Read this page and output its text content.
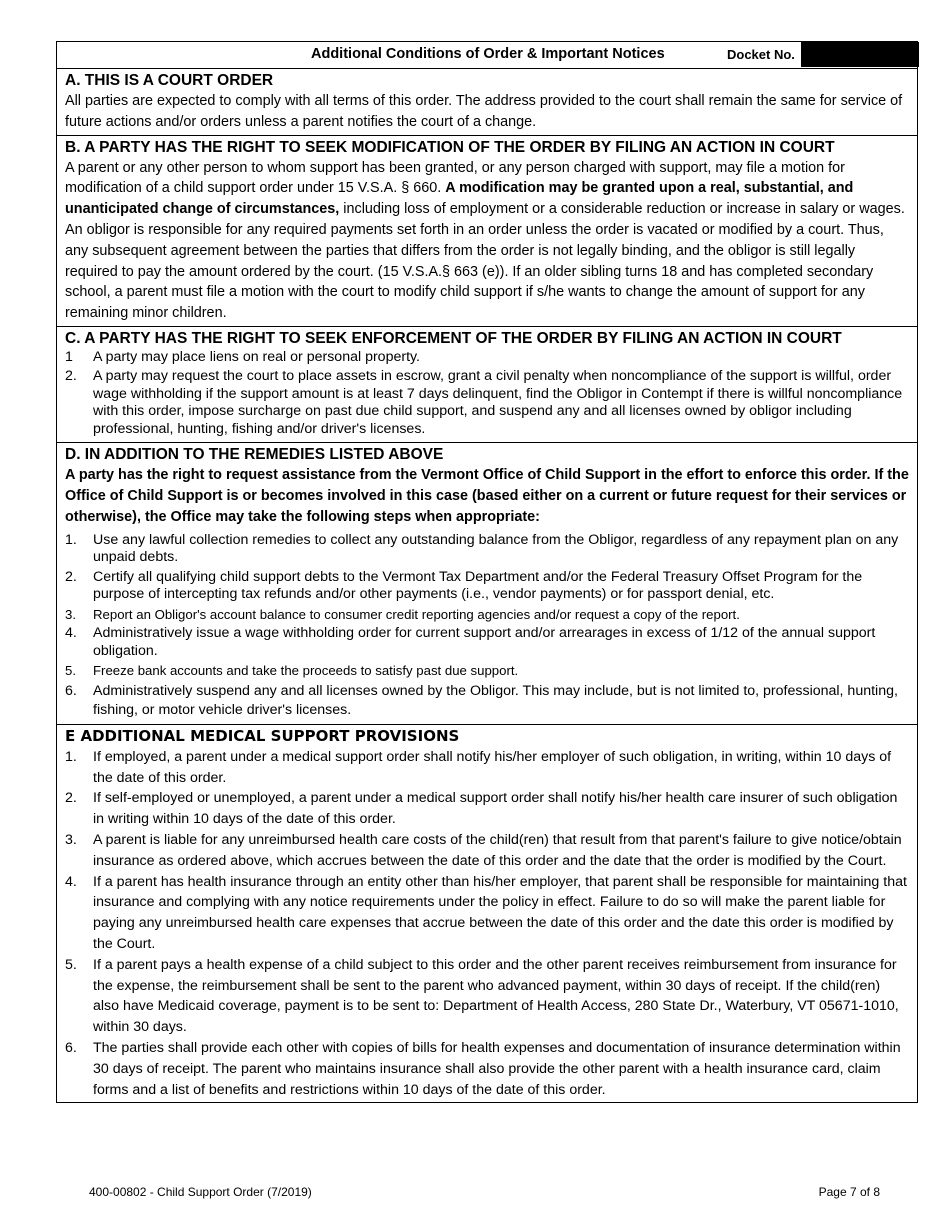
Additional Conditions of Order & Important Notices	Docket No.
A. THIS IS A COURT ORDER

All parties are expected to comply with all terms of this order. The address provided to the court shall remain the same for service of future actions and/or orders unless a parent notifies the court of a change.

B. A PARTY HAS THE RIGHT TO SEEK MODIFICATION OF THE ORDER BY FILING AN ACTION IN COURT

A parent or any other person to whom support has been granted, or any person charged with support, may file a motion for modification of a child support order under 15 V.S.A. § 660. A modification may be granted upon a real, substantial, and unanticipated change of circumstances, including loss of employment or a considerable reduction or increase in salary or wages. An obligor is responsible for any required payments set forth in an order unless the order is vacated or modified by a court. Thus, any subsequent agreement between the parties that differs from the order is not legally binding, and the obligor is still legally required to pay the amount ordered by the court. (15 V.S.A.§ 663 (e)). If an older sibling turns 18 and has completed secondary school, a parent must file a motion with the court to modify child support if s/he wants to change the amount of support for any remaining minor children.

C. A PARTY HAS THE RIGHT TO SEEK ENFORCEMENT OF THE ORDER BY FILING AN ACTION IN COURT
1 A party may place liens on real or personal property.
2. A party may request the court to place assets in escrow, grant a civil penalty when noncompliance of the support is willful, order wage withholding if the support amount is at least 7 days delinquent, find the Obligor in Contempt if there is willful noncompliance with this order, impose surcharge on past due child support, and suspend any and all licenses owned by obligor including professional, hunting, fishing and/or driver's licenses.
D. IN ADDITION TO THE REMEDIES LISTED ABOVE

A party has the right to request assistance from the Vermont Office of Child Support in the effort to enforce this order. If the Office of Child Support is or becomes involved in this case (based either on a current or future request for their services or otherwise), the Office may take the following steps when appropriate:

1. Use any lawful collection remedies to collect any outstanding balance from the Obligor, regardless of any repayment plan on any unpaid debts.
2. Certify all qualifying child support debts to the Vermont Tax Department and/or the Federal Treasury Offset Program for the purpose of intercepting tax refunds and/or other payments (i.e., vendor payments) or for passport denial, etc.
3. Report an Obligor's account balance to consumer credit reporting agencies and/or request a copy of the report.
4. Administratively issue a wage withholding order for current support and/or arrearages in excess of 1/12 of the annual support obligation.
5. Freeze bank accounts and take the proceeds to satisfy past due support.
6. Administratively suspend any and all licenses owned by the Obligor. This may include, but is not limited to, professional, hunting, fishing, or motor vehicle driver's licenses.
E ADDITIONAL MEDICAL SUPPORT PROVISIONS
1. If employed, a parent under a medical support order shall notify his/her employer of such obligation, in writing, within 10 days of the date of this order.
2. If self-employed or unemployed, a parent under a medical support order shall notify his/her health care insurer of such obligation in writing within 10 days of the date of this order.
3. A parent is liable for any unreimbursed health care costs of the child(ren) that result from that parent's failure to give notice/obtain insurance as ordered above, which accrues between the date of this order and the date that the order is modified by the Court.
4. If a parent has health insurance through an entity other than his/her employer, that parent shall be responsible for maintaining that insurance and complying with any notice requirements under the policy in effect. Failure to do so will make the parent liable for paying any unreimbursed health care expenses that accrue between the date of this order and the date this order is modified by the Court.
5. If a parent pays a health expense of a child subject to this order and the other parent receives reimbursement from insurance for the expense, the reimbursement shall be sent to the parent who advanced payment, within 30 days of receipt. If the child(ren) also have Medicaid coverage, payment is to be sent to: Department of Health Access, 280 State Dr., Waterbury, VT 05671-1010, within 30 days.
6. The parties shall provide each other with copies of bills for health expenses and documentation of insurance determination within 30 days of receipt. The parent who maintains insurance shall also provide the other parent with a health insurance card, claim forms and a list of benefits and restrictions within 10 days of the date of this order.
400-00802 - Child Support Order (7/2019)	Page 7 of 8
